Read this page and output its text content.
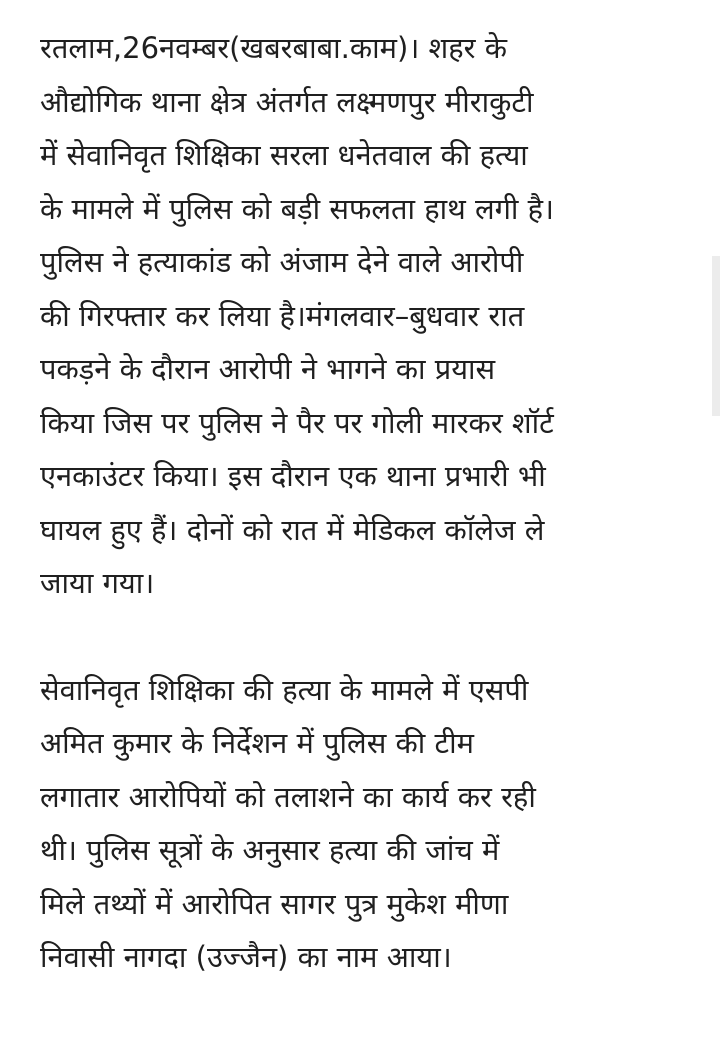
रतलाम,26नवम्बर(खबरबाबा.काम)। शहर के
औद्योगिक थाना क्षेत्र अंतर्गत लक्ष्मणपुर मीराकुटी
में सेवानिवृत शिक्षिका सरला धनेतवाल की हत्या
के मामले में पुलिस को बड़ी सफलता हाथ लगी है।
पुलिस ने हत्याकांड को अंजाम देने वाले आरोपी
की गिरफ्तार कर लिया है।मंगलवार–बुधवार रात
पकड़ने के दौरान आरोपी ने भागने का प्रयास
किया जिस पर पुलिस ने पैर पर गोली मारकर शॉर्ट
एनकाउंटर किया। इस दौरान एक थाना प्रभारी भी
घायल हुए हैं। दोनों को रात में मेडिकल कॉलेज ले
जाया गया।

सेवानिवृत शिक्षिका की हत्या के मामले में एसपी
अमित कुमार के निर्देशन में पुलिस की टीम
लगातार आरोपियों को तलाशने का कार्य कर रही
थी। पुलिस सूत्रों के अनुसार हत्या की जांच में
मिले तथ्यों में आरोपित सागर पुत्र मुकेश मीणा
निवासी नागदा (उज्जैन) का नाम आया।
